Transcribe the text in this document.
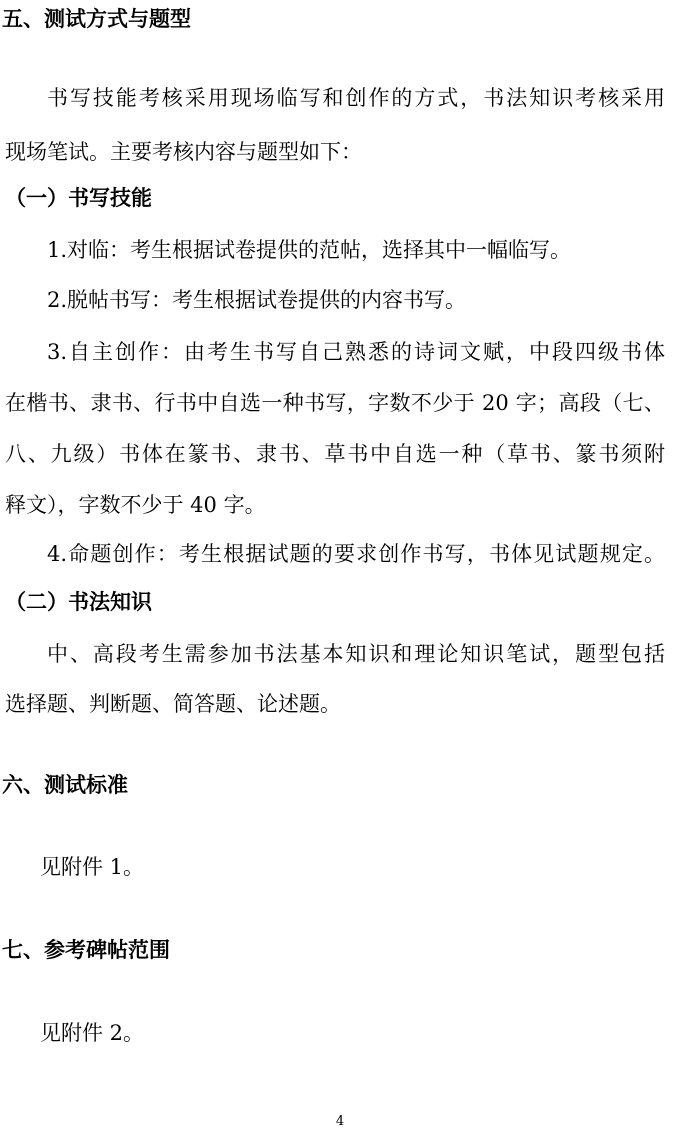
五、测试方式与题型

书写技能考核采用现场临写和创作的方式，书法知识考核采用

现场笔试。主要考核内容与题型如下：

（一）书写技能

1.对临：考生根据试卷提供的范帖，选择其中一幅临写。

2.脱帖书写：考生根据试卷提供的内容书写。

3.自主创作：由考生书写自己熟悉的诗词文赋，中段四级书体

在楷书、隶书、行书中自选一种书写，字数不少于 20 字；高段（七、

八、九级）书体在篆书、隶书、草书中自选一种（草书、篆书须附

释文），字数不少于 40 字。

4.命题创作：考生根据试题的要求创作书写，书体见试题规定。

（二）书法知识

中、高段考生需参加书法基本知识和理论知识笔试，题型包括

选择题、判断题、简答题、论述题。

六、测试标准

见附件 1。

七、参考碑帖范围

见附件 2。

4
